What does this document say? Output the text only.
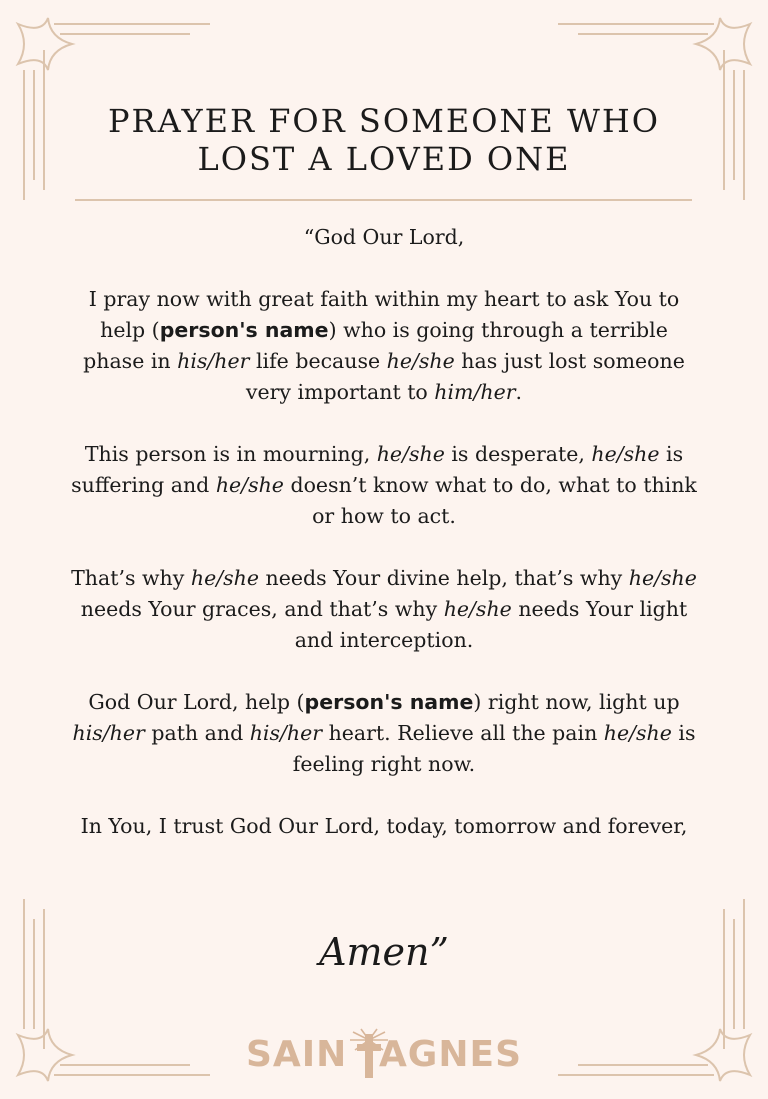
PRAYER FOR SOMEONE WHO LOST A LOVED ONE

“God Our Lord,

I pray now with great faith within my heart to ask You to help (person's name) who is going through a terrible phase in his/her life because he/she has just lost someone very important to him/her.

This person is in mourning, he/she is desperate, he/she is suffering and he/she doesn’t know what to do, what to think or how to act.

That’s why he/she needs Your divine help, that’s why he/she needs Your graces, and that’s why he/she needs Your light and interception.

God Our Lord, help (person's name) right now, light up his/her path and his/her heart. Relieve all the pain he/she is feeling right now.

In You, I trust God Our Lord, today, tomorrow and forever,

Amen”
SAIN AGNES
